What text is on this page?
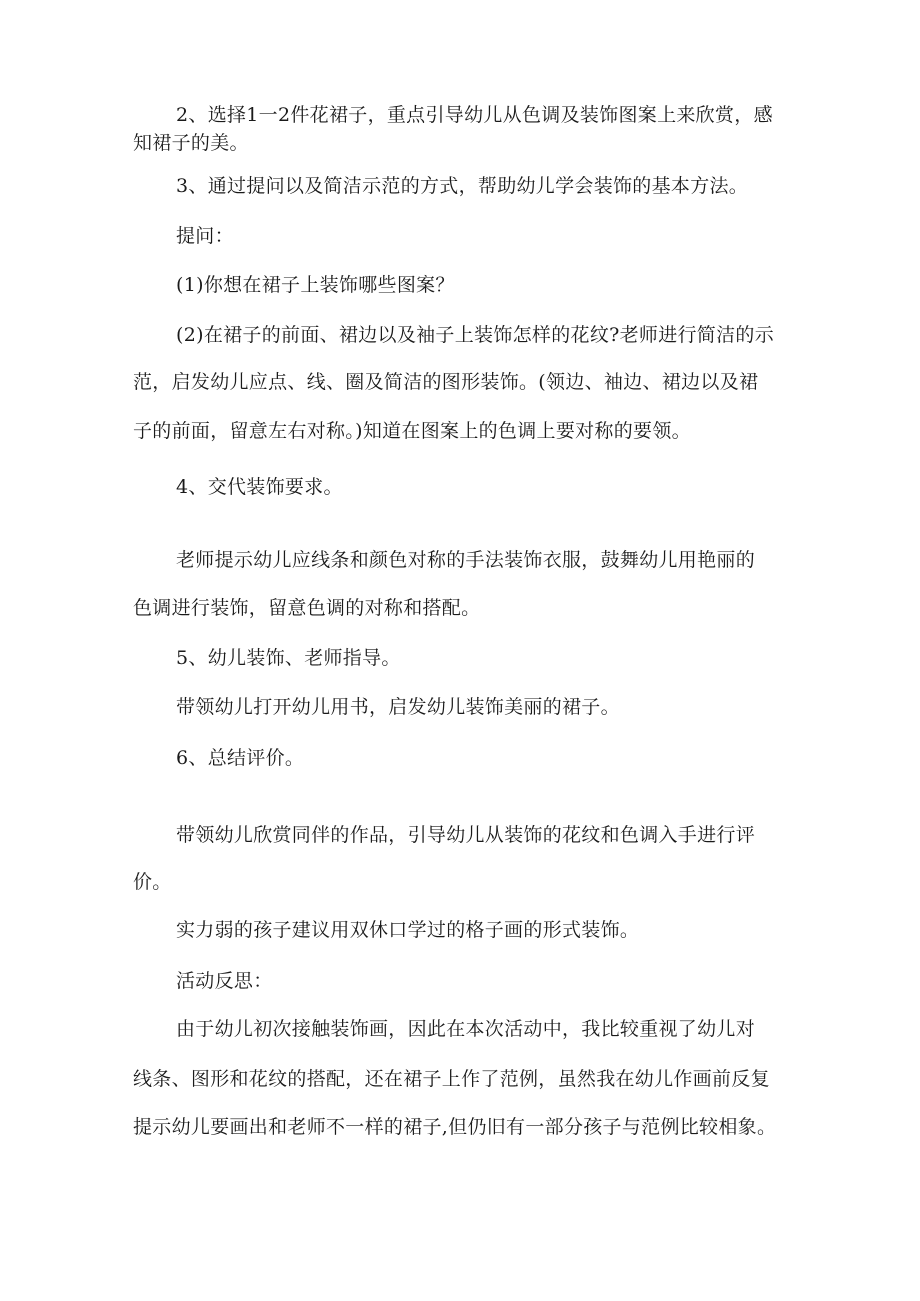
2、选择1一2件花裙子，重点引导幼儿从色调及装饰图案上来欣赏，感
知裙子的美。
3、通过提问以及简洁示范的方式，帮助幼儿学会装饰的基本方法。
提问：
(1)你想在裙子上装饰哪些图案？
(2)在裙子的前面、裙边以及袖子上装饰怎样的花纹?老师进行简洁的示
范，启发幼儿应点、线、圈及简洁的图形装饰。(领边、袖边、裙边以及裙
子的前面，留意左右对称。)知道在图案上的色调上要对称的要领。
4、交代装饰要求。
老师提示幼儿应线条和颜色对称的手法装饰衣服，鼓舞幼儿用艳丽的
色调进行装饰，留意色调的对称和搭配。
5、幼儿装饰、老师指导。
带领幼儿打开幼儿用书，启发幼儿装饰美丽的裙子。
6、总结评价。
带领幼儿欣赏同伴的作品，引导幼儿从装饰的花纹和色调入手进行评
价。
实力弱的孩子建议用双休口学过的格子画的形式装饰。
活动反思：
由于幼儿初次接触装饰画，因此在本次活动中，我比较重视了幼儿对
线条、图形和花纹的搭配，还在裙子上作了范例，虽然我在幼儿作画前反复
提示幼儿要画出和老师不一样的裙子,但仍旧有一部分孩子与范例比较相象。
